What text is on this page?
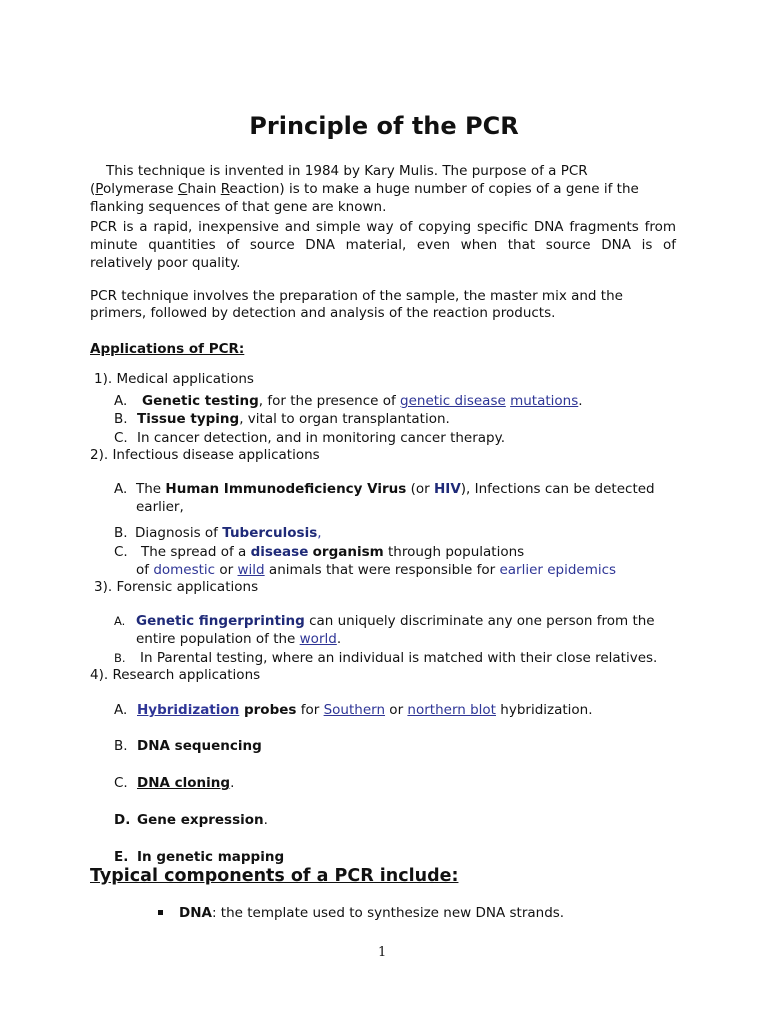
Principle of the PCR
This technique is invented in 1984 by Kary Mulis. The purpose of a PCR
(Polymerase Chain Reaction) is to make a huge number of copies of a gene if the
flanking sequences of that gene are known.
PCR is a rapid, inexpensive and simple way of copying specific DNA fragments from
minute quantities of source DNA material, even when that source DNA is of
relatively poor quality.
PCR technique involves the preparation of the sample, the master mix and the
primers, followed by detection and analysis of the reaction products.
Applications of PCR:
1). Medical applications
A. Genetic testing, for the presence of genetic disease mutations.
B. Tissue typing, vital to organ transplantation.
C. In cancer detection, and in monitoring cancer therapy.
2). Infectious disease applications
A. The Human Immunodeficiency Virus (or HIV), Infections can be detected
earlier,
B. Diagnosis of Tuberculosis,
C. The spread of a disease organism through populations
of domestic or wild animals that were responsible for earlier epidemics
3). Forensic applications
A. Genetic fingerprinting can uniquely discriminate any one person from the
entire population of the world.
B. In Parental testing, where an individual is matched with their close relatives.
4). Research applications
A. Hybridization probes for Southern or northern blot hybridization.
B. DNA sequencing
C. DNA cloning.
D. Gene expression.
E. In genetic mapping
Typical components of a PCR include:
DNA: the template used to synthesize new DNA strands.
1
